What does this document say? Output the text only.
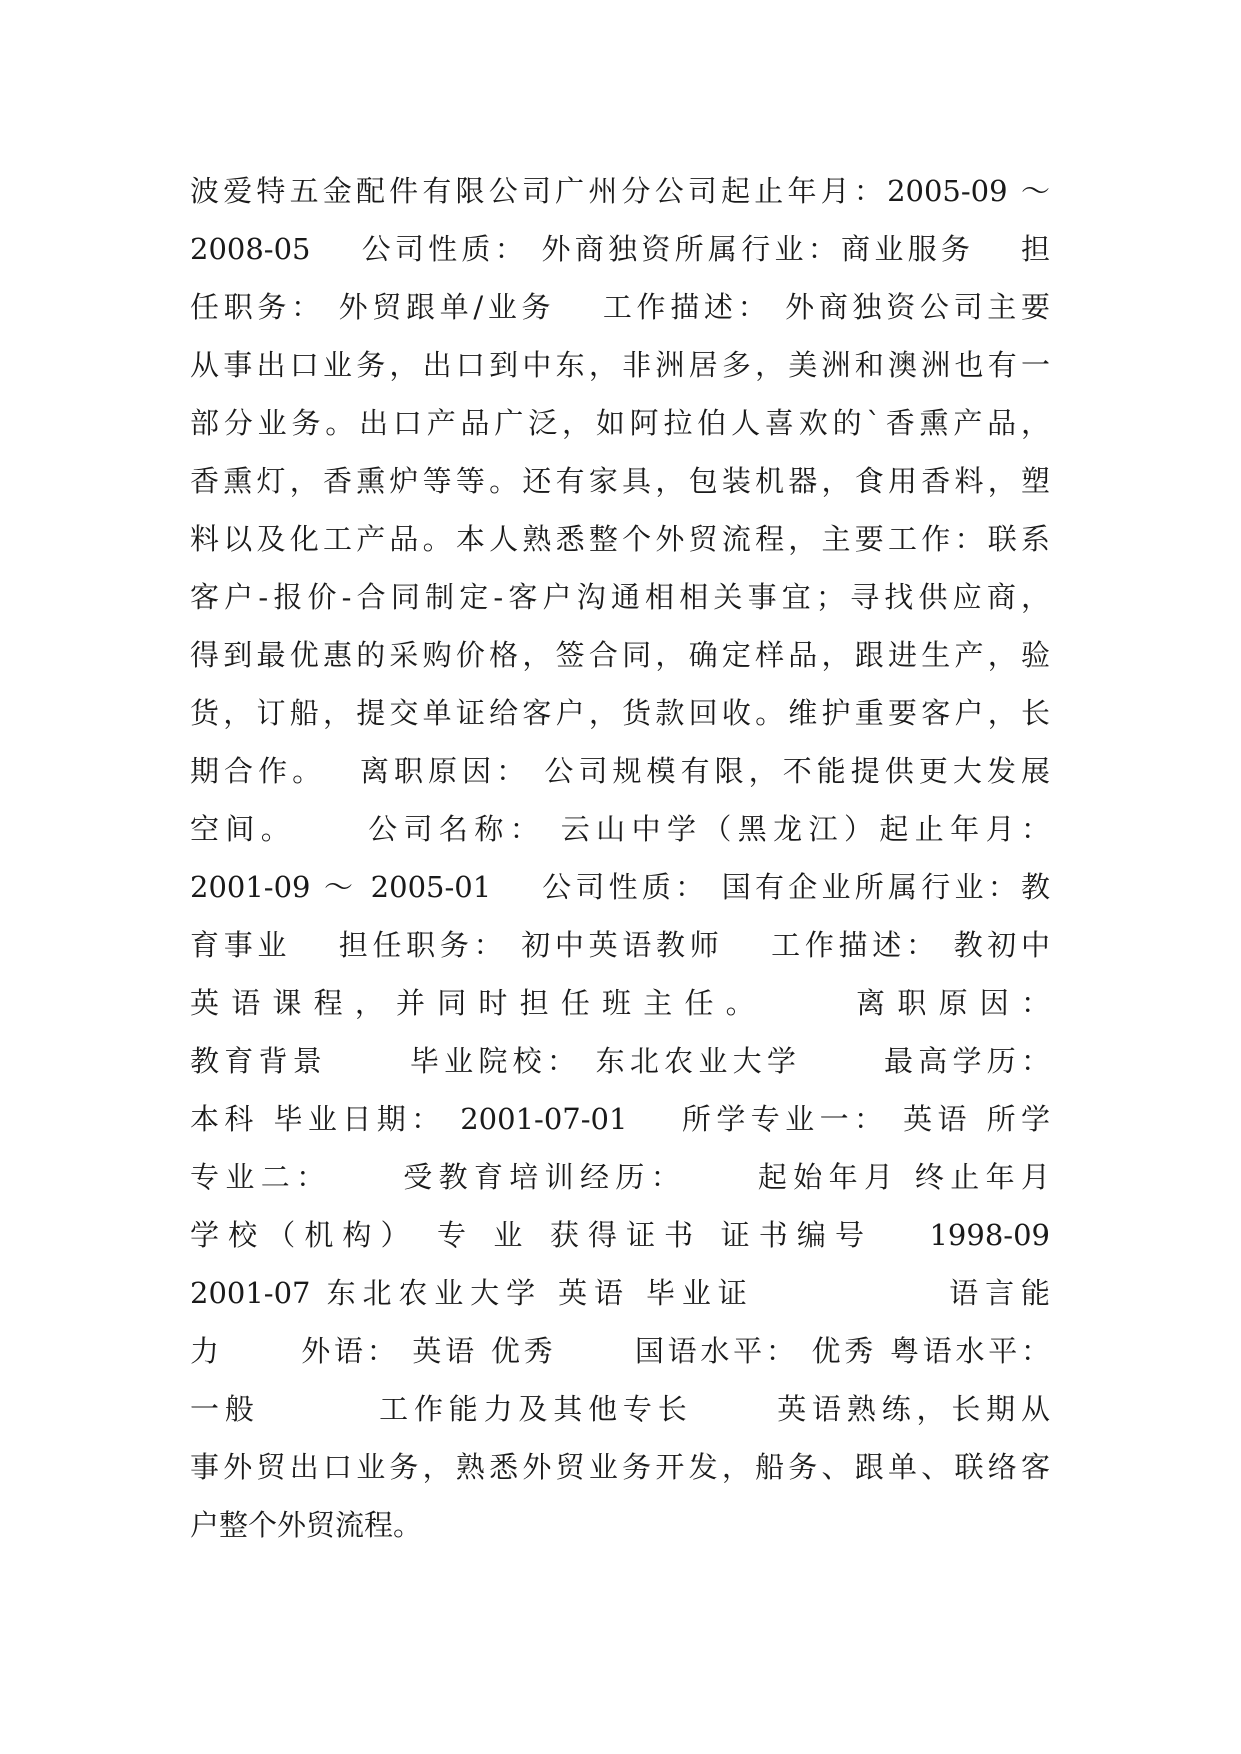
波爱特五金配件有限公司广州分公司起止年月：2005-09 ～
2008-05　 公司性质： 外商独资所属行业：商业服务　 担
任职务： 外贸跟单/业务　 工作描述： 外商独资公司主要
从事出口业务，出口到中东，非洲居多，美洲和澳洲也有一
部分业务。出口产品广泛，如阿拉伯人喜欢的`香熏产品，
香熏灯，香熏炉等等。还有家具，包装机器，食用香料，塑
料以及化工产品。本人熟悉整个外贸流程，主要工作：联系
客户-报价-合同制定-客户沟通相相关事宜；寻找供应商，
得到最优惠的采购价格，签合同，确定样品，跟进生产，验
货，订船，提交单证给客户，货款回收。维护重要客户，长
期合作。　 离职原因： 公司规模有限，不能提供更大发展
空间。　　 公司名称： 云山中学（黑龙江）起止年月：
2001-09 ～ 2005-01　 公司性质： 国有企业所属行业：教
育事业　 担任职务： 初中英语教师　 工作描述： 教初中
英语课程，并同时担任班主任。　　 离职原因：
教育背景　　 毕业院校： 东北农业大学　　 最高学历：
本科 毕业日期： 2001-07-01　 所学专业一： 英语 所学
专业二：　　 受教育培训经历：　　 起始年月 终止年月
学校（机构） 专 业 获得证书 证书编号　 1998-09
2001-07 东北农业大学 英语 毕业证　　　　　 语言能
力　　 外语： 英语 优秀　　 国语水平： 优秀 粤语水平：
一般　　　 工作能力及其他专长　　 英语熟练，长期从
事外贸出口业务，熟悉外贸业务开发，船务、跟单、联络客
户整个外贸流程。
